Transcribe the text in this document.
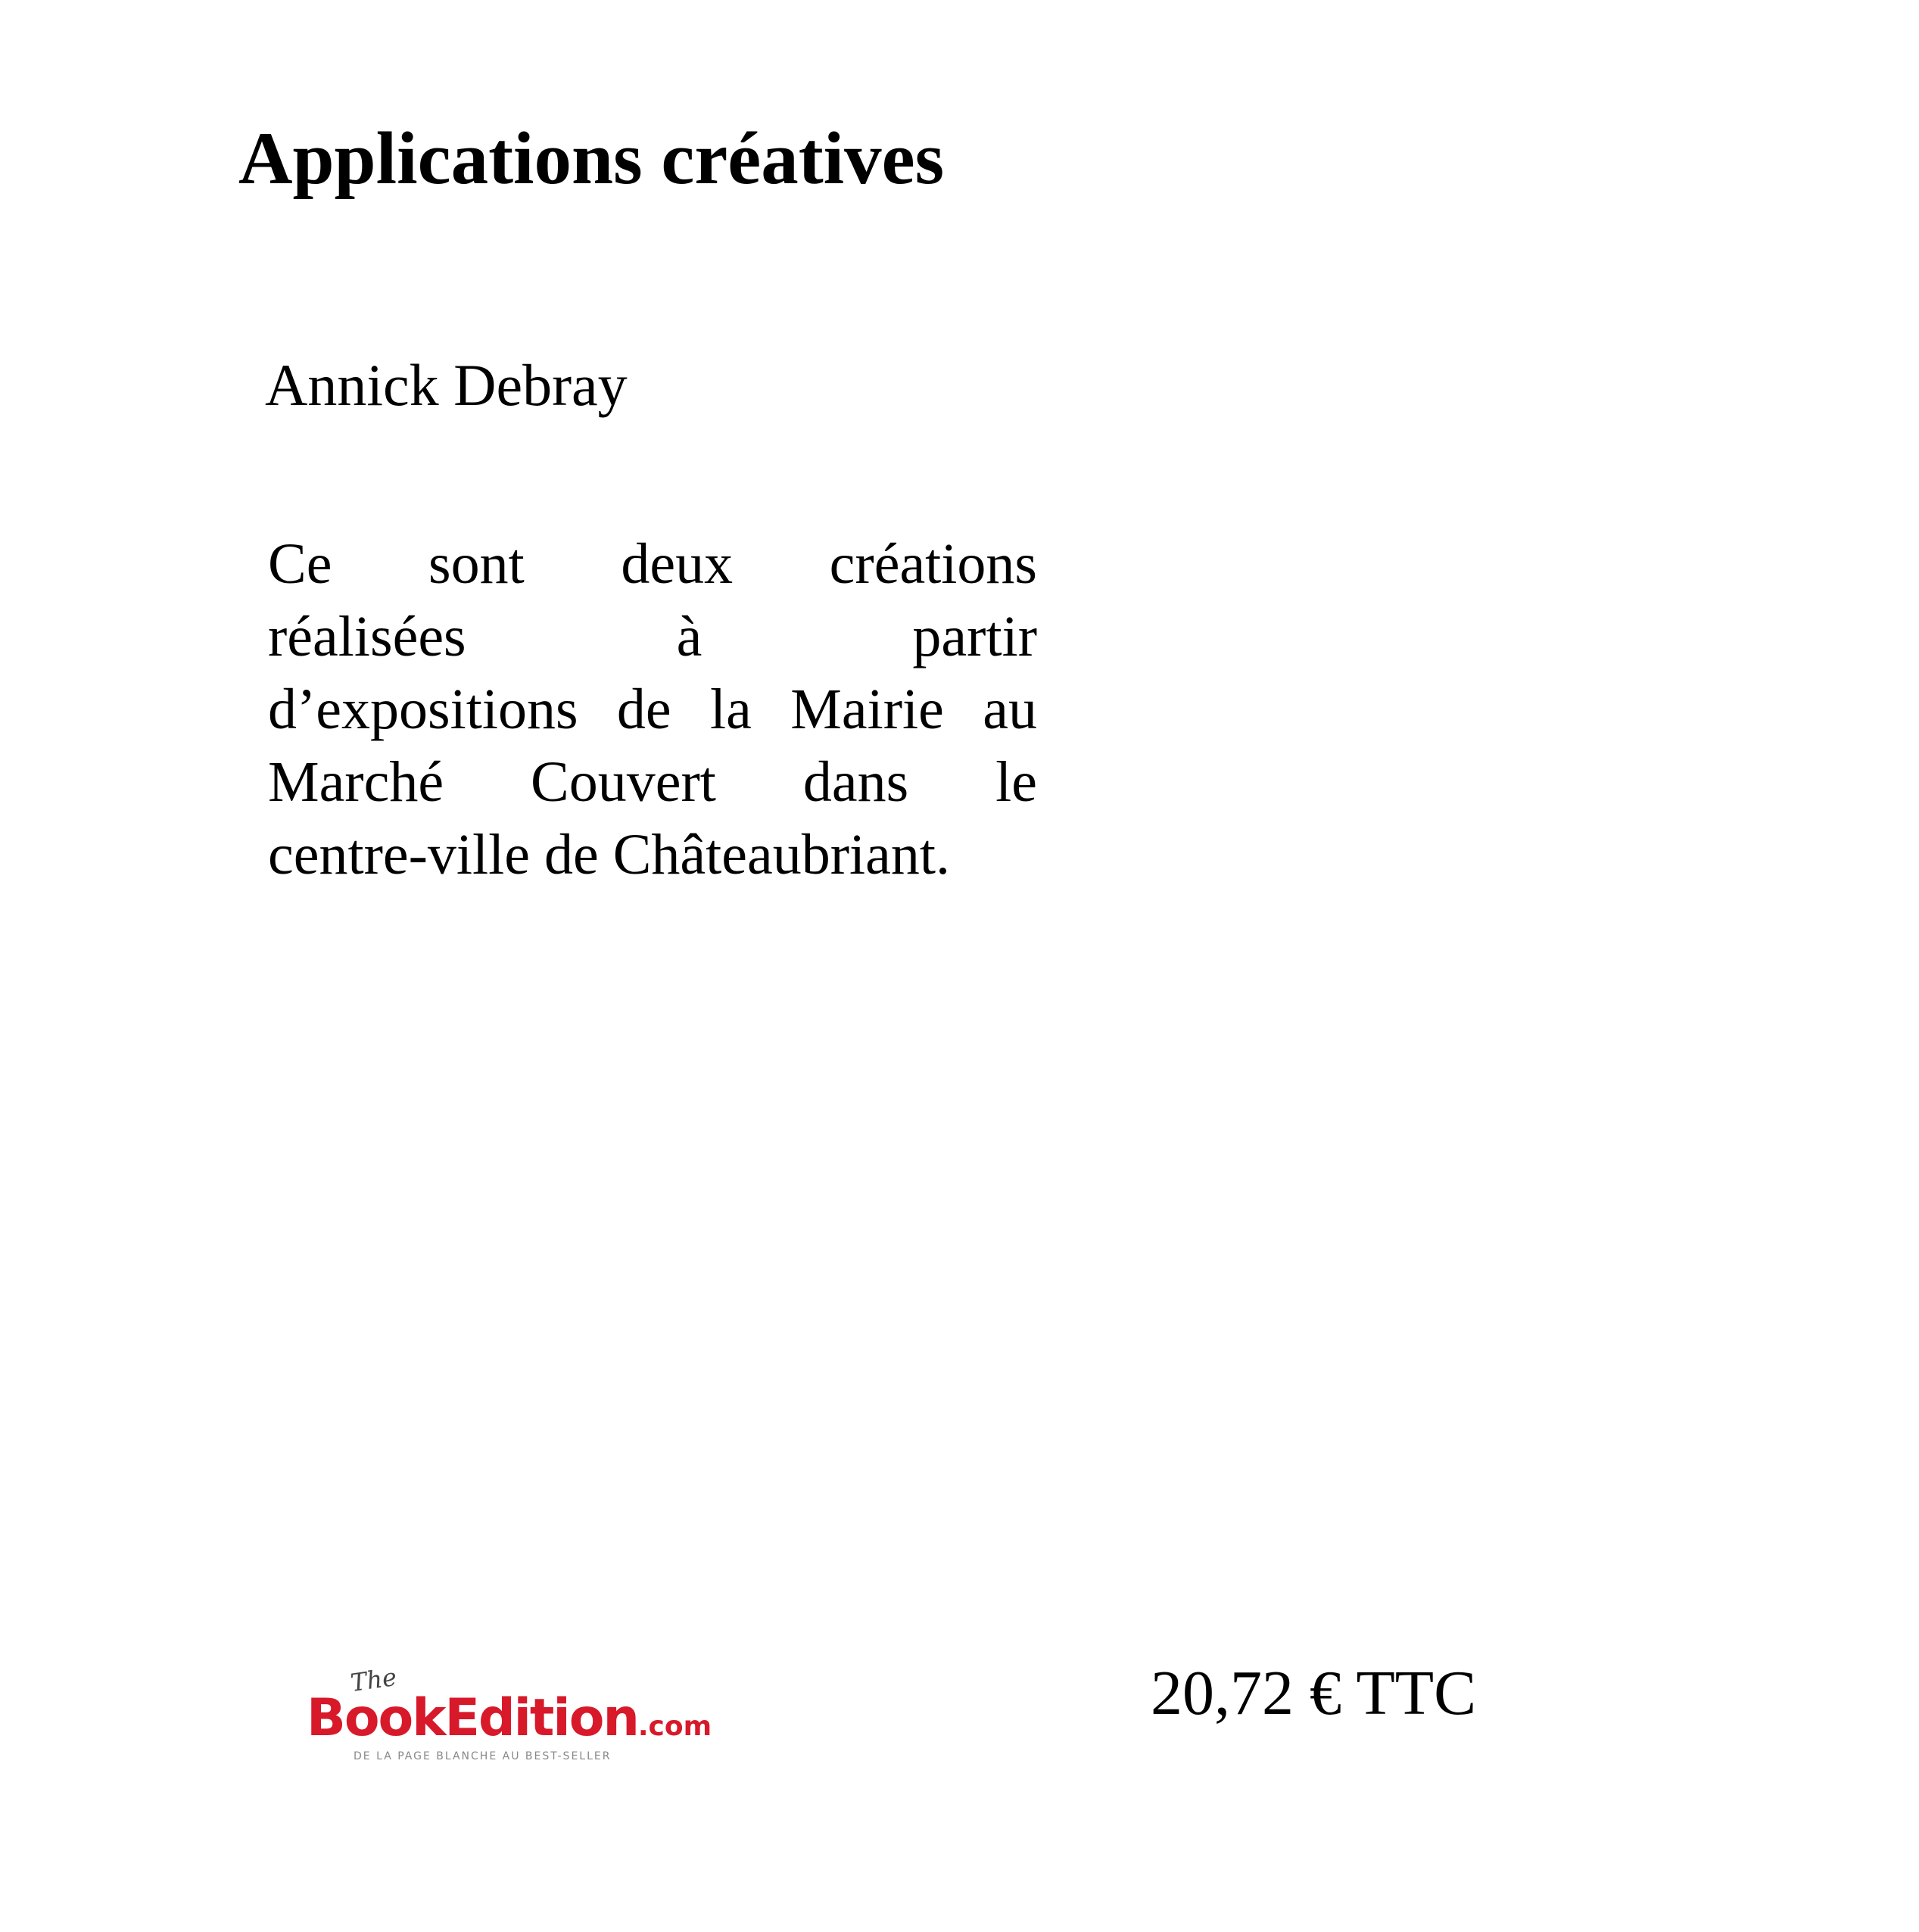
Applications créatives

Annick Debray

Ce sont deux créations
réalisées à partir
d’expositions de la Mairie au
Marché Couvert dans le
centre-ville de Châteaubriant.

The
BookEdition.com
DE LA PAGE BLANCHE AU BEST-SELLER

20,72 € TTC
